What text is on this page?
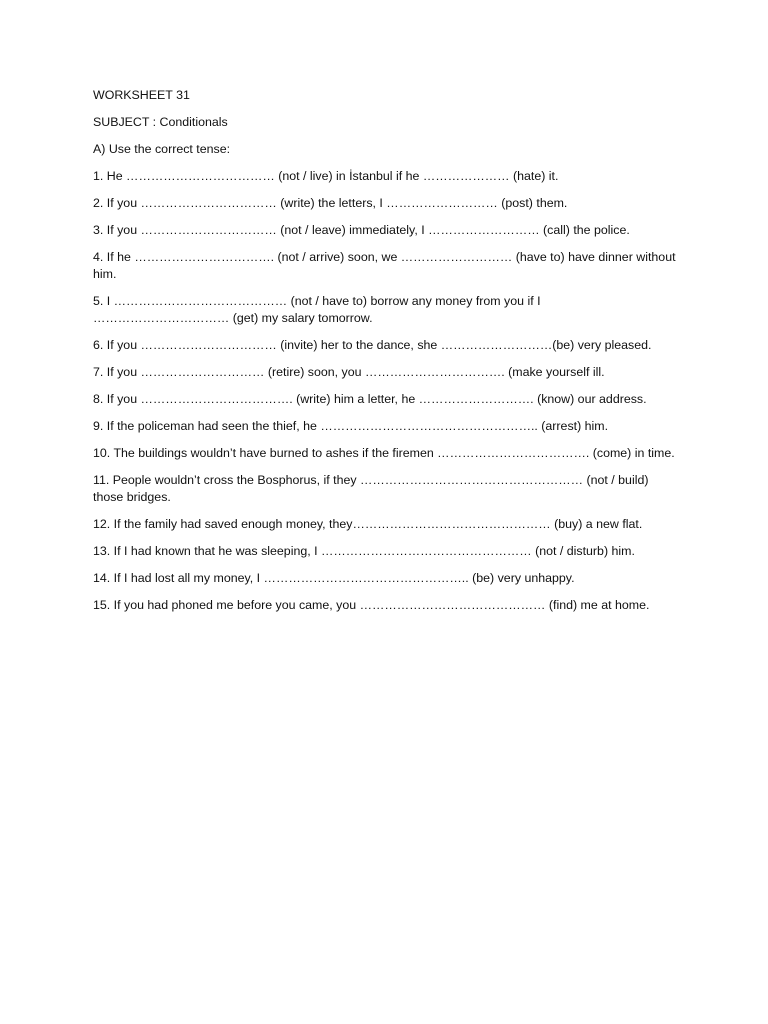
WORKSHEET 31
SUBJECT : Conditionals
A) Use the correct tense:
1. He ……………………………… (not / live) in İstanbul if he ………………… (hate) it.
2. If you …………………………… (write) the letters, I ……………………… (post) them.
3. If you …………………………… (not / leave) immediately, I ……………………… (call) the police.
4. If he ……………………………. (not / arrive) soon, we ……………………… (have to) have dinner without him.
5. I …………………………………… (not / have to) borrow any money from you if I …………………………… (get) my salary tomorrow.
6. If you …………………………… (invite) her to the dance, she ………………………(be) very pleased.
7. If you ………………………… (retire) soon, you ……………………………. (make yourself ill.
8. If you ………………………………. (write) him a letter, he ………………………. (know) our address.
9. If the policeman had seen the thief, he …………………………………………….. (arrest) him.
10. The buildings wouldn’t have burned to ashes if the firemen ………………………………. (come) in time.
11. People wouldn’t cross the Bosphorus, if they ……………………………………………… (not / build) those bridges.
12. If the family had saved enough money, they………………………………………… (buy) a new flat.
13. If I had known that he was sleeping, I …………………………………………… (not / disturb) him.
14. If I had lost all my money, I ………………………………………….. (be) very unhappy.
15. If you had phoned me before you came, you ……………………………………… (find) me at home.
